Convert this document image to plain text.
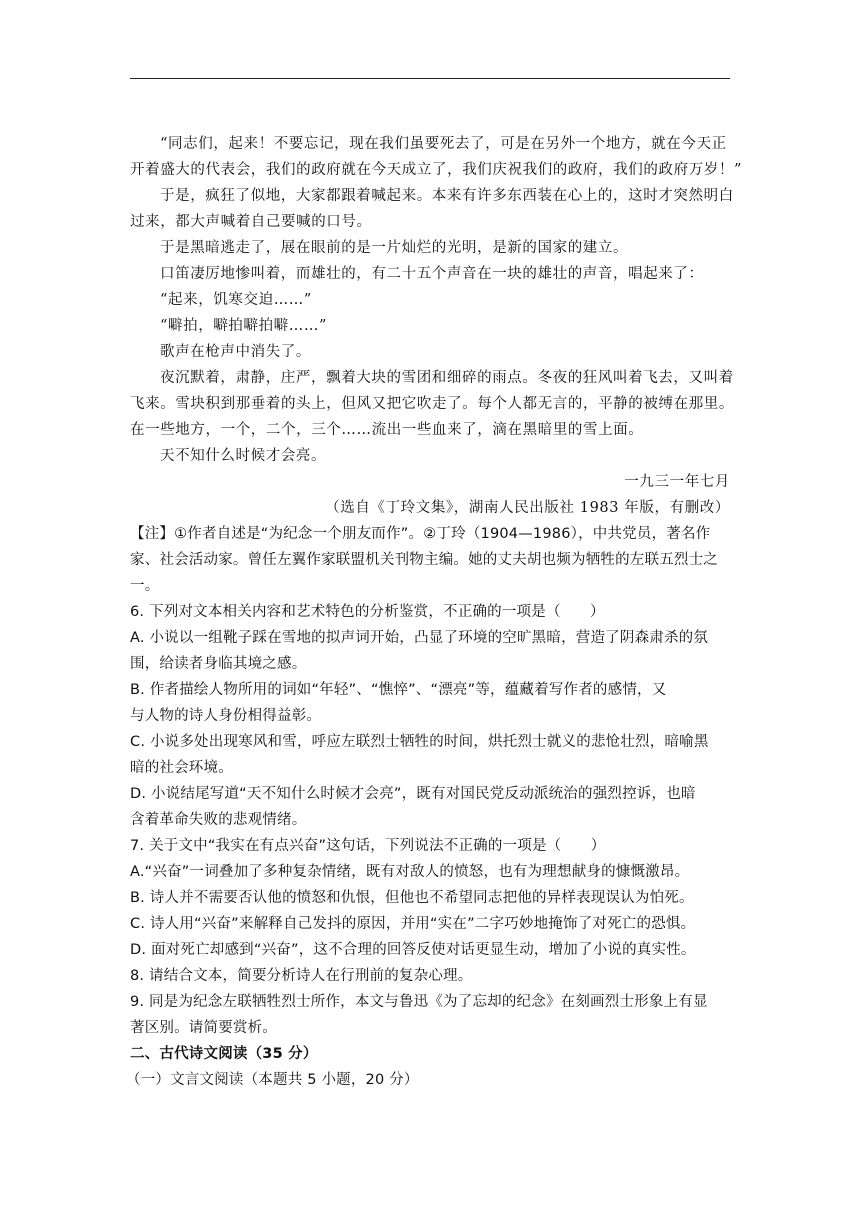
“同志们，起来！不要忘记，现在我们虽要死去了，可是在另外一个地方，就在今天正
开着盛大的代表会，我们的政府就在今天成立了，我们庆祝我们的政府，我们的政府万岁！”
于是，疯狂了似地，大家都跟着喊起来。本来有许多东西装在心上的，这时才突然明白
过来，都大声喊着自己要喊的口号。
于是黑暗逃走了，展在眼前的是一片灿烂的光明，是新的国家的建立。
口笛凄厉地惨叫着，而雄壮的，有二十五个声音在一块的雄壮的声音，唱起来了：
“起来，饥寒交迫……”
“噼拍，噼拍噼拍噼……”
歌声在枪声中消失了。
夜沉默着，肃静，庄严，飘着大块的雪团和细碎的雨点。冬夜的狂风叫着飞去，又叫着
飞来。雪块积到那垂着的头上，但风又把它吹走了。每个人都无言的，平静的被缚在那里。
在一些地方，一个，二个，三个……流出一些血来了，滴在黑暗里的雪上面。
天不知什么时候才会亮。
一九三一年七月
（选自《丁玲文集》，湖南人民出版社 1983 年版，有删改）
【注】①作者自述是“为纪念一个朋友而作”。②丁玲（1904—1986），中共党员，著名作
家、社会活动家。曾任左翼作家联盟机关刊物主编。她的丈夫胡也频为牺牲的左联五烈士之
一。
6. 下列对文本相关内容和艺术特色的分析鉴赏，不正确的一项是（　　）
A. 小说以一组靴子踩在雪地的拟声词开始，凸显了环境的空旷黑暗，营造了阴森肃杀的氛
围，给读者身临其境之感。
B. 作者描绘人物所用的词如“年轻”、“憔悴”、“漂亮”等，蕴藏着写作者的感情，又
与人物的诗人身份相得益彰。
C. 小说多处出现寒风和雪，呼应左联烈士牺牲的时间，烘托烈士就义的悲怆壮烈，暗喻黑
暗的社会环境。
D. 小说结尾写道“天不知什么时候才会亮”，既有对国民党反动派统治的强烈控诉，也暗
含着革命失败的悲观情绪。
7. 关于文中“我实在有点兴奋”这句话，下列说法不正确的一项是（　　）
A.“兴奋”一词叠加了多种复杂情绪，既有对敌人的愤怒，也有为理想献身的慷慨激昂。
B. 诗人并不需要否认他的愤怒和仇恨，但他也不希望同志把他的异样表现误认为怕死。
C. 诗人用“兴奋”来解释自己发抖的原因，并用“实在”二字巧妙地掩饰了对死亡的恐惧。
D. 面对死亡却感到“兴奋”，这不合理的回答反使对话更显生动，增加了小说的真实性。
8. 请结合文本，简要分析诗人在行刑前的复杂心理。
9. 同是为纪念左联牺牲烈士所作，本文与鲁迅《为了忘却的纪念》在刻画烈士形象上有显
著区别。请简要赏析。
二、古代诗文阅读（35 分）
（一）文言文阅读（本题共 5 小题，20 分）
